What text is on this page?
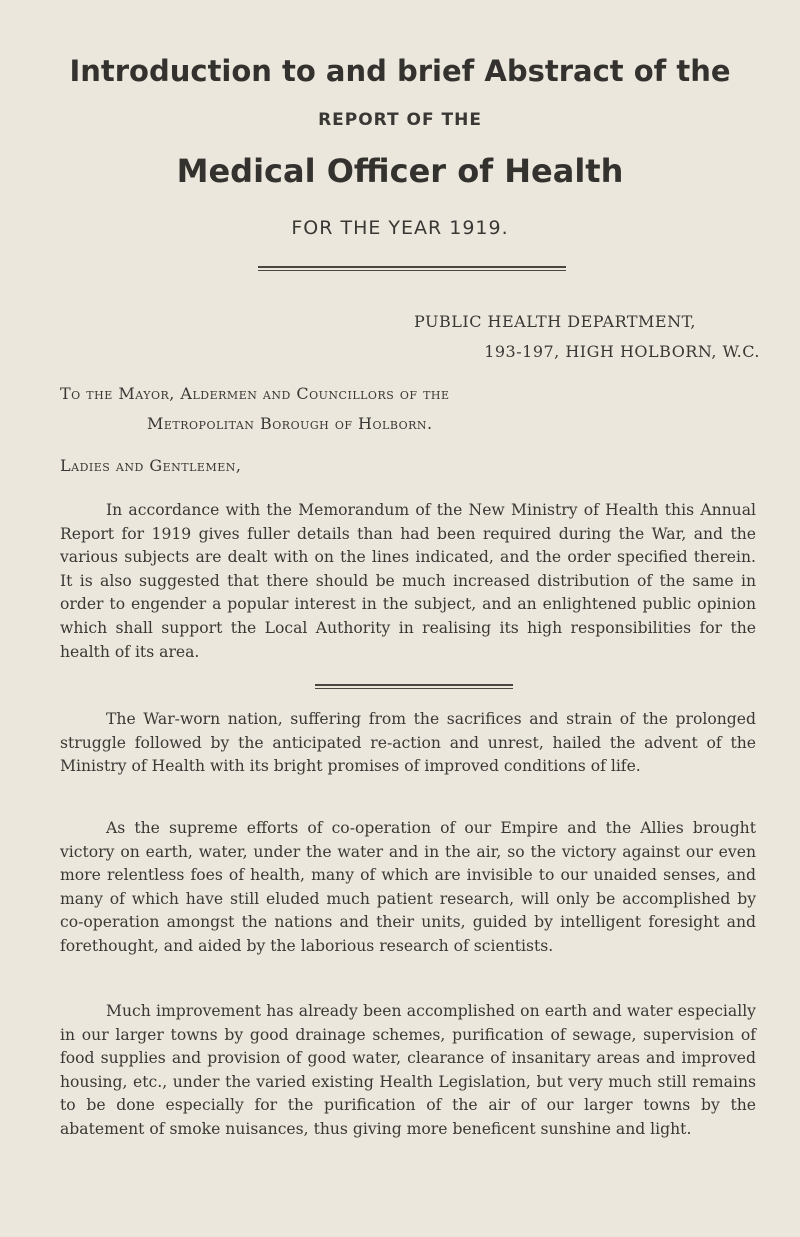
Introduction to and brief Abstract of the
REPORT OF THE
Medical Officer of Health
FOR THE YEAR 1919.
PUBLIC HEALTH DEPARTMENT,
193-197, HIGH HOLBORN, W.C.
To the Mayor, Aldermen and Councillors of the
Metropolitan Borough of Holborn.
Ladies and Gentlemen,

In accordance with the Memorandum of the New Ministry of Health this Annual Report for 1919 gives fuller details than had been required during the War, and the various subjects are dealt with on the lines indicated, and the order specified therein. It is also suggested that there should be much increased distribution of the same in order to engender a popular interest in the subject, and an enlightened public opinion which shall support the Local Authority in realising its high responsibilities for the health of its area.

The War-worn nation, suffering from the sacrifices and strain of the prolonged struggle followed by the anticipated re-action and unrest, hailed the advent of the Ministry of Health with its bright promises of improved conditions of life.

As the supreme efforts of co-operation of our Empire and the Allies brought victory on earth, water, under the water and in the air, so the victory against our even more relentless foes of health, many of which are invisible to our unaided senses, and many of which have still eluded much patient research, will only be accomplished by co-operation amongst the nations and their units, guided by intelligent foresight and forethought, and aided by the laborious research of scientists.

Much improvement has already been accomplished on earth and water especially in our larger towns by good drainage schemes, purification of sewage, supervision of food supplies and provision of good water, clearance of insanitary areas and improved housing, etc., under the varied existing Health Legislation, but very much still remains to be done especially for the purification of the air of our larger towns by the abatement of smoke nuisances, thus giving more beneficent sunshine and light.
